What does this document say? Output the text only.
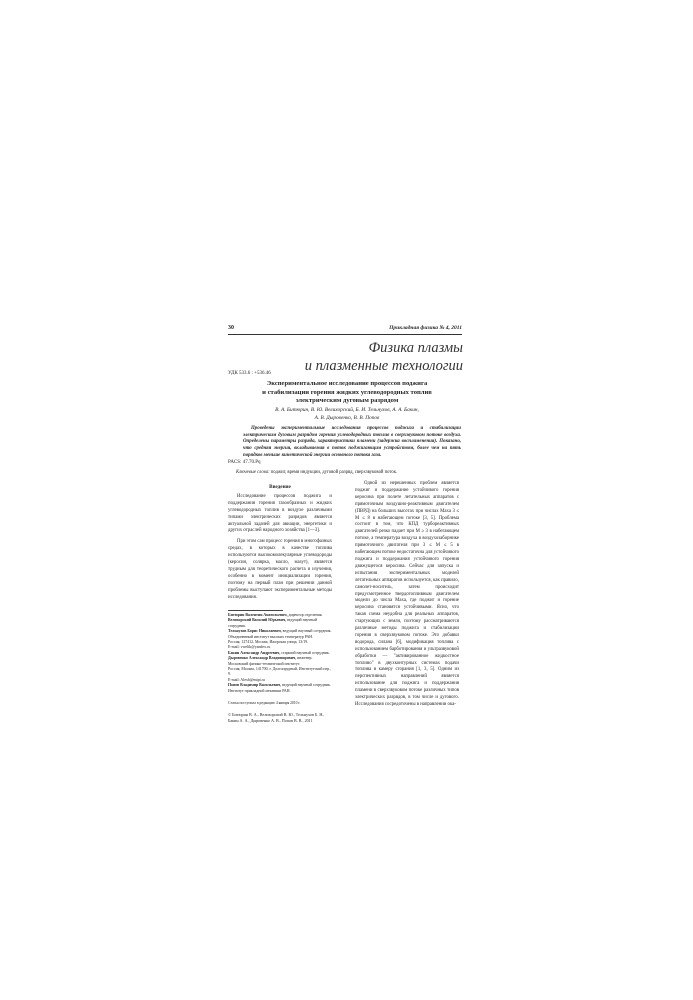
30	Прикладная физика № 4, 2011
Физика плазмы
и плазменные технологии
УДК 533.6 : +536.46
Экспериментальное исследование процессов поджига
и стабилизации горения жидких углеводородных топлив
электрическим дуговым разрядом
В. А. Битюрин, В. Ю. Велихорский, Б. И. Тельнухов, А. А. Бакин,
А. В. Дыровенко, В. В. Попов
Проведены экспериментальные исследования процессов поджига и стабилизации электрическим дуговым разрядом горения углеводородных топлив в сверхзвуковом потоке воздуха. Определены параметры разряда, характеристики пламени (задержка воспламенения). Показано, что средняя энергия, вкладываемая в поток поджигающим устройством, более чем на пять порядков меньше кинетической энергии основного потока газа.
PACS: 47.70.Pq
Ключевые слова: поджиг, время индукции, дуговой разряд, сверхзвуковой поток.
Введение

Исследование процессов поджига и поддержания горения газообразных и жидких углеводородных топлив в воздухе различными типами электрических разрядов является актуальной задачей для авиации, энергетики и других отраслей народного хозяйства [1—3].

При этом сам процесс горения в многофазных средах, в которых в качестве топлива используются высокомолекулярные углеводороды (керосин, солярка, масло, мазут), является трудным для теоретического расчета и изучения, особенно в момент инициализации горения, поэтому на первый план при решении данной проблемы выступают экспериментальные методы исследования.

Битюрин Валентин Анатольевич, директор отделения.
Велихорский Василий Юрьевич, ведущий научный сотрудник.
Тельнухов Борис Николаевич, ведущий научный сотрудник.
Объединенный институт высоких температур РАН.
Россия, 127412, Москва, Ижорская улица, 13/19.
E-mail: vwelik@yandex.ru
Бакин Александр Андреевич, старший научный сотрудник.
Дыровенко Александр Владимирович, инженер.
Московский физико-технический институт.
Россия, Москва, 141700, г. Долгопрудный, Институтский пер., 9.
E-mail: Alexb@mipt.ru
Попов Владимир Васильевич, ведущий научный сотрудник.
Институт прикладной механики РАН.
Статья поступила в редакцию 4 января 2010 г.
© Битюрин В. А., Велихорский В. Ю., Тельнухов Б. Н., Бакин А. А., Дыровенко А. В., Попов В. В., 2011

Одной из нерешенных проблем является поджиг и поддержание устойчивого горения керосина при полете летательных аппаратов с прямоточным воздушно-реактивным двигателем (ПВРД) на больших высотах при числах Маха 3 ≤ M ≤ 8 в набегающем потоке [3, 5]. Проблема состоит в том, что КПД турбореактивных двигателей резко падает при M ≥ 3 в набегающем потоке, а температура воздуха в воздухозаборнике прямоточного двигателя при 3 ≤ M ≤ 5 в набегающем потоке недостаточна для устойчивого поджига и поддержания устойчивого горения движущегося керосина. Сейчас для запуска и испытания экспериментальных моделей летательных аппаратов используется, как правило, самолет-носитель, затем происходит предусмотренное твердотопливным двигателем модели до числа Маха, где поджиг и горение керосина становятся устойчивыми. Ясно, что такая схема неудобна для реальных аппаратов, стартующих с земли, поэтому рассматриваются различные методы поджига и стабилизации горения в сверхзвуковом потоке. Это добавки водорода, силана [6], модификация топлива с использованием барботирования и ультразвуковой обработки — "активированное жидкостное топливо" в двухконтурных системах подачи топлива в камеру сгорания [1, 3, 5]. Одним из перспективных направлений является использование для поджига и поддержания пламени в сверхзвуковом потоке различных типов электрических разрядов, в том числе и дугового. Исследования сосредоточены в направлении ока-
